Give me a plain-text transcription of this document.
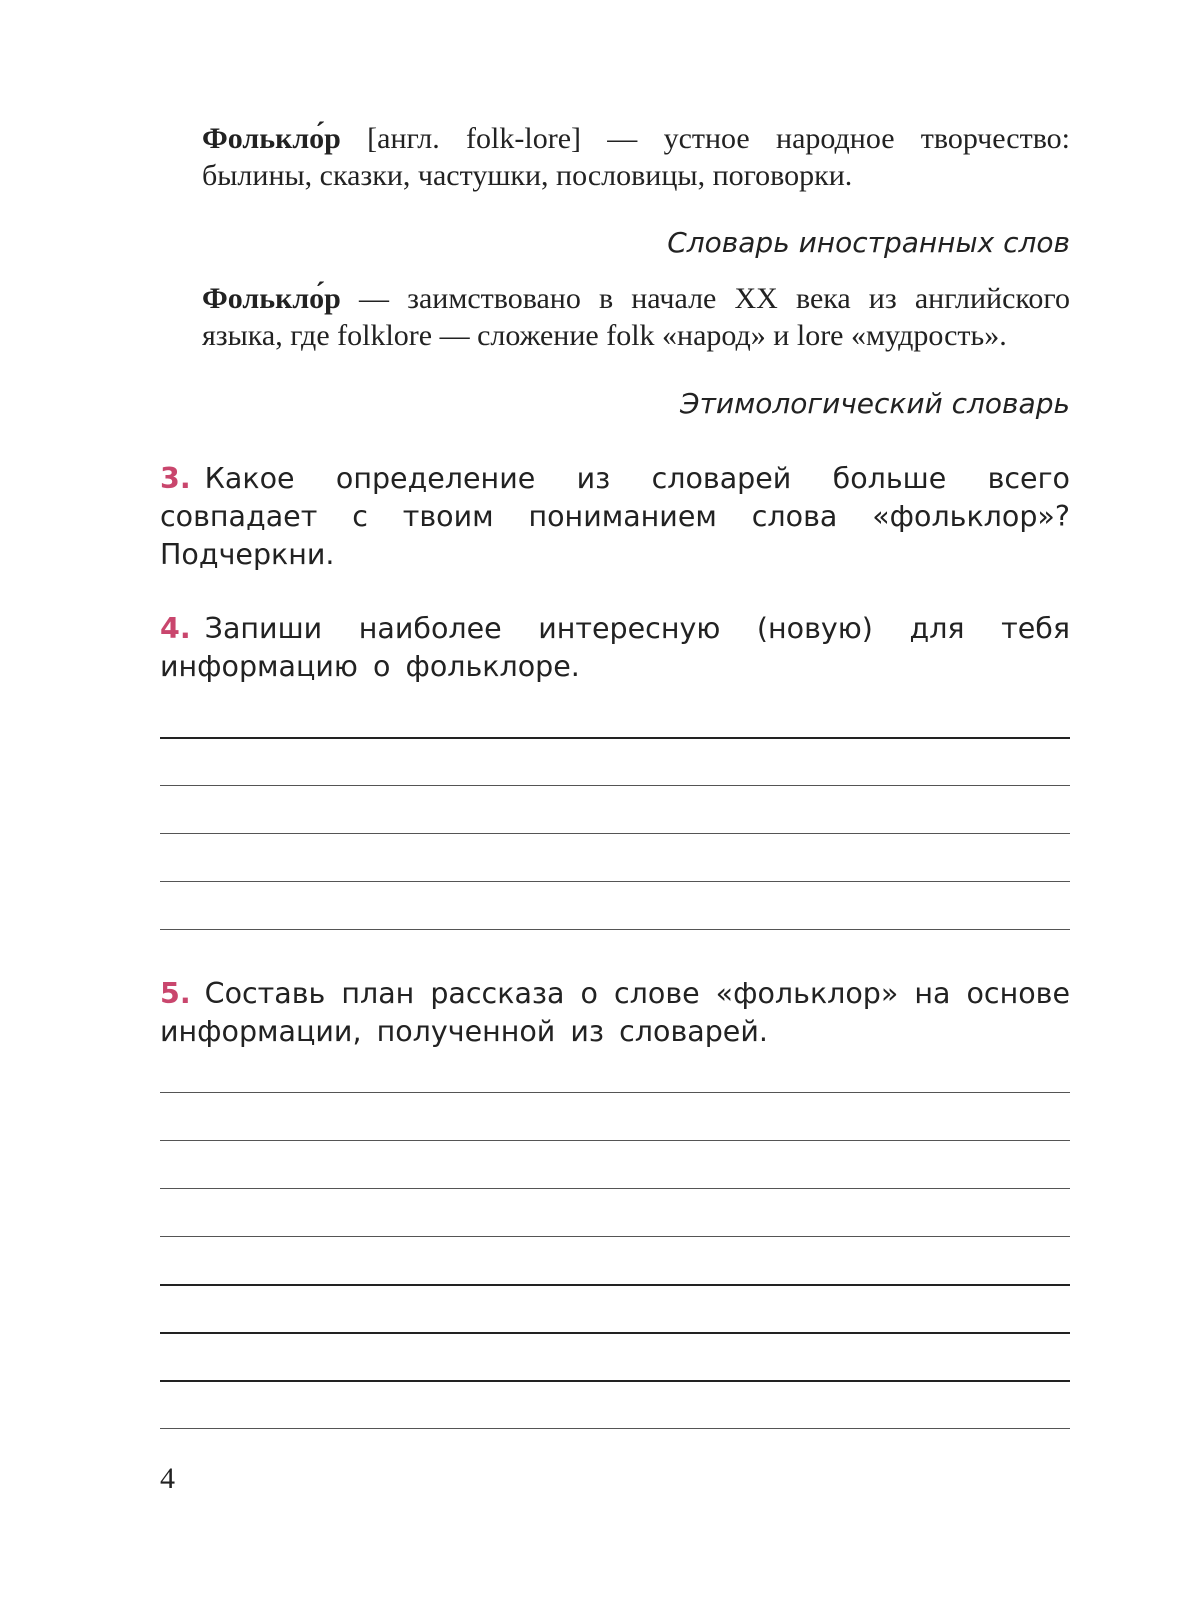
Фолькло́р [англ. folk-lore] — устное народное творчество: былины, сказки, частушки, пословицы, поговорки.
Словарь иностранных слов
Фолькло́р — заимствовано в начале XX века из английского языка, где folklore — сложение folk «народ» и lore «мудрость».
Этимологический словарь
3. Какое определение из словарей больше всего совпадает с твоим пониманием слова «фольклор»? Подчеркни.
4. Запиши наиболее интересную (новую) для тебя информацию о фольклоре.
5. Составь план рассказа о слове «фольклор» на основе информации, полученной из словарей.
4
